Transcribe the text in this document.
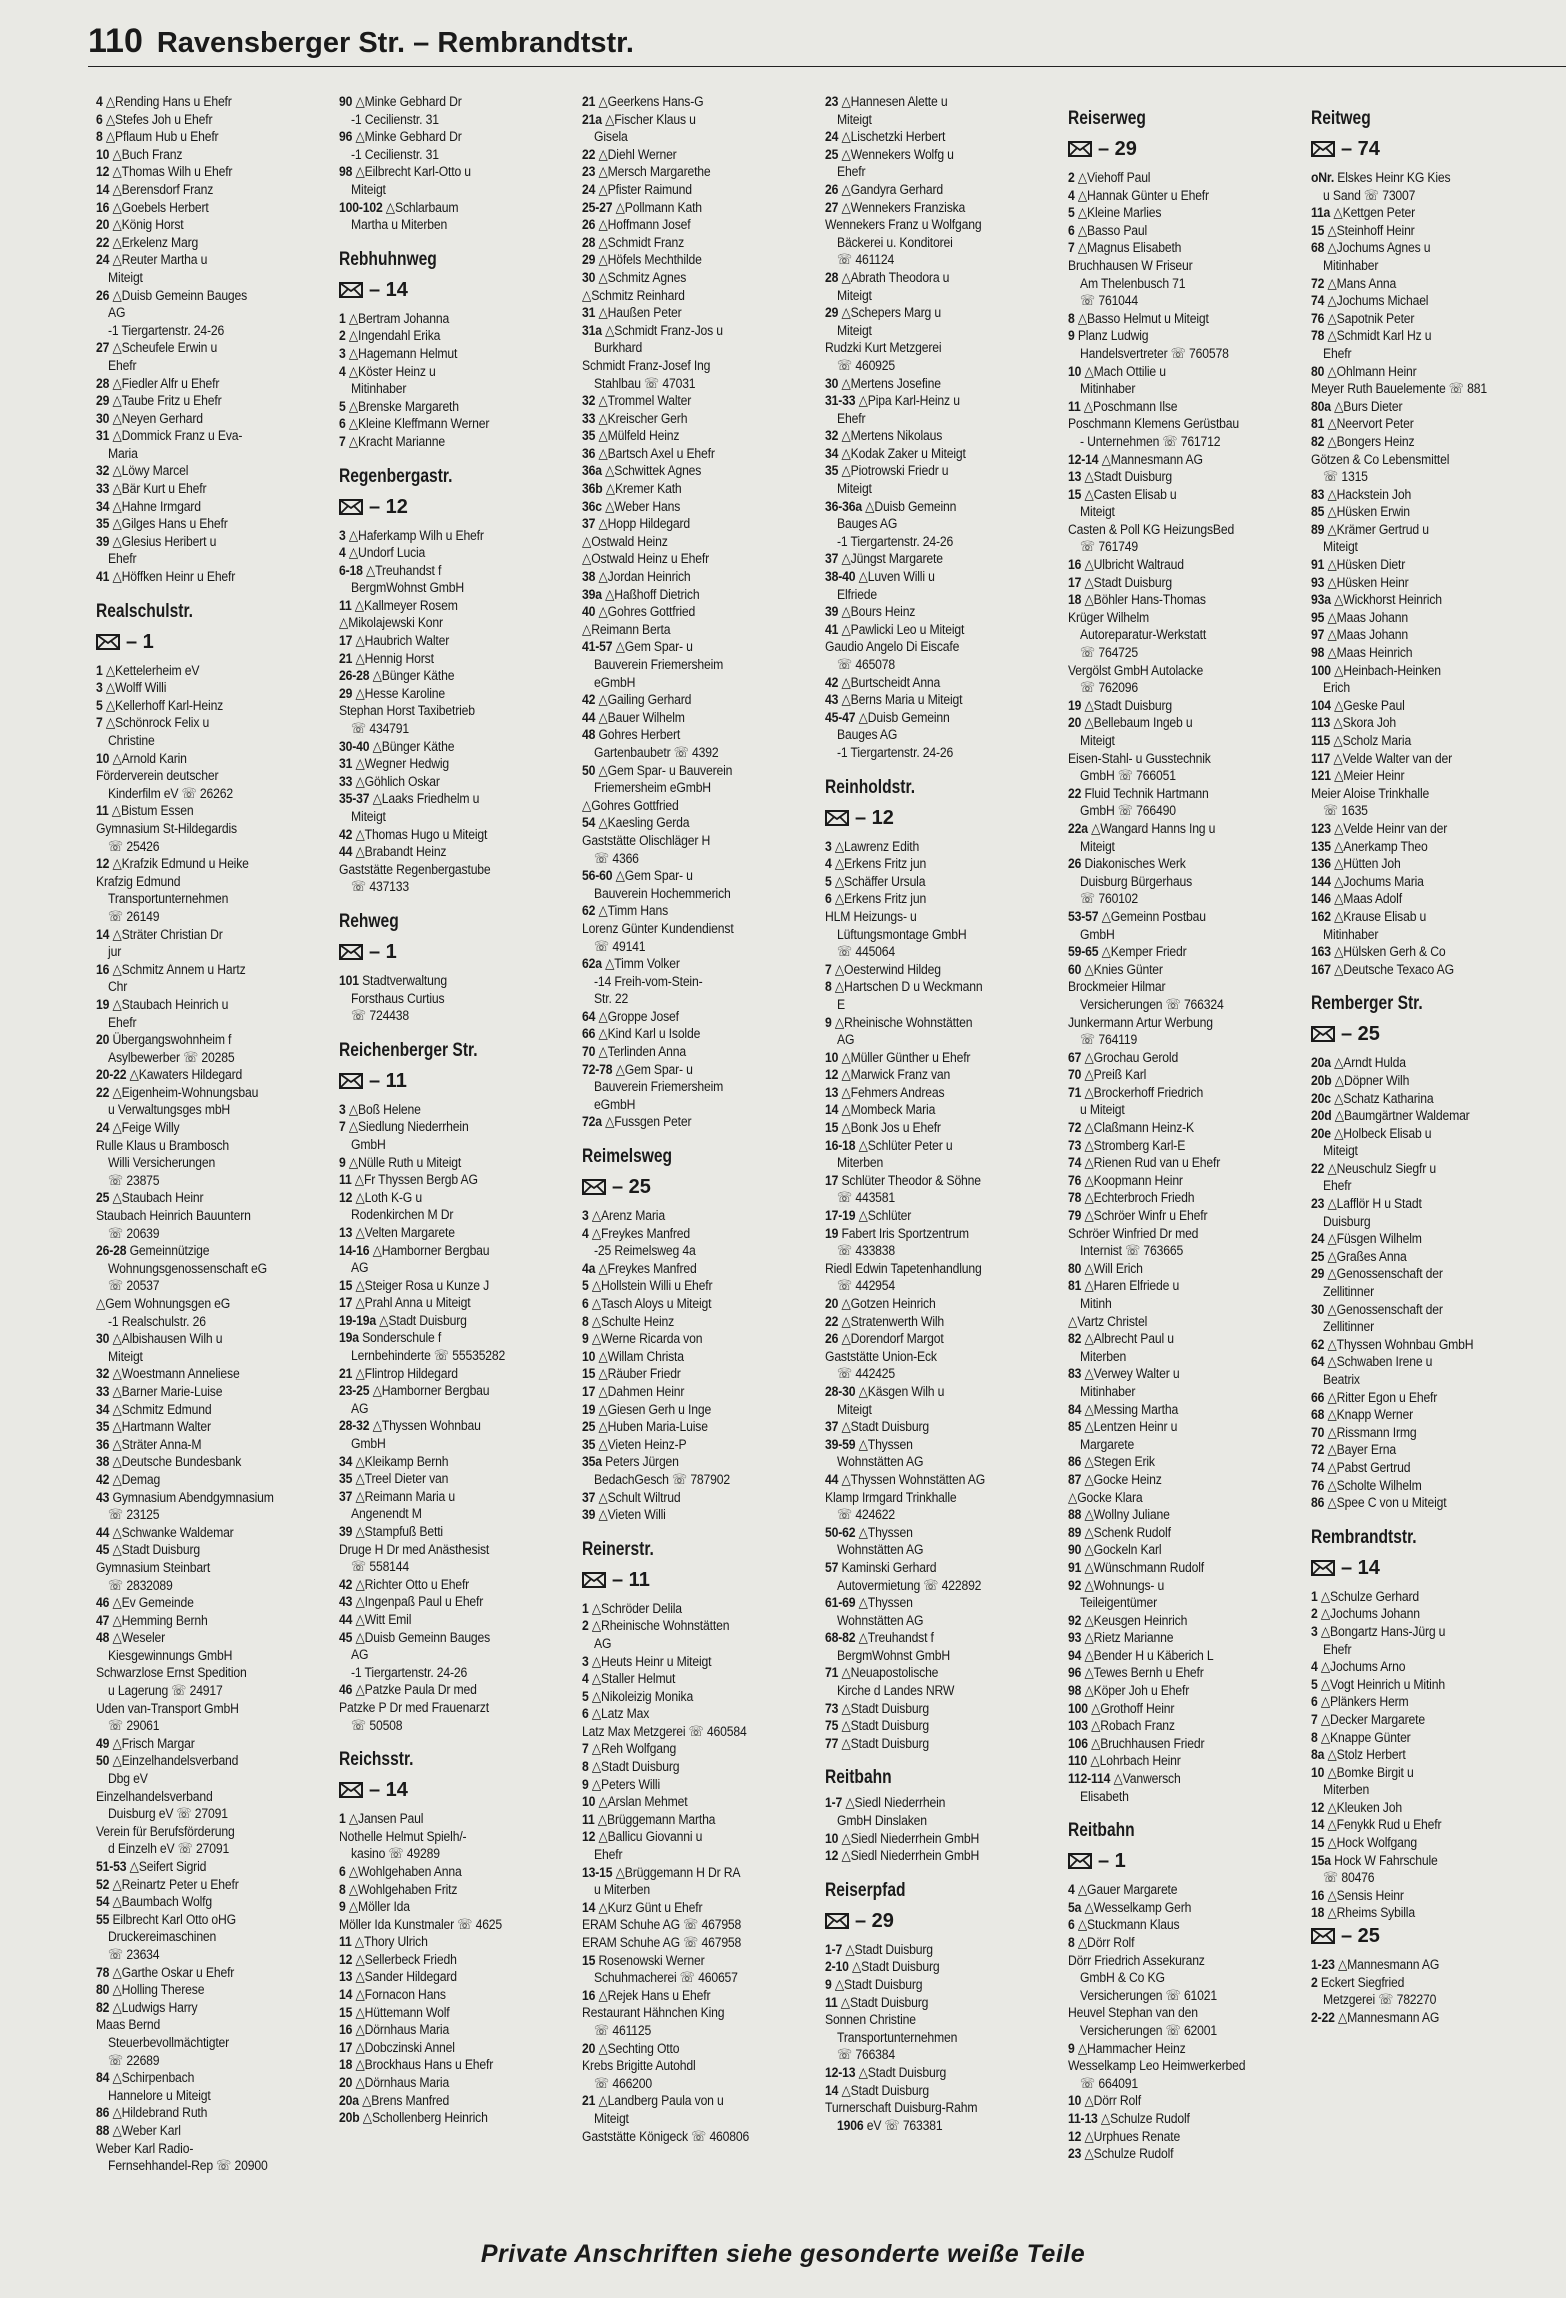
110 Ravensberger Str. – Rembrandtstr.
4 △Rending Hans u Ehefr
6 △Stefes Joh u Ehefr
8 △Pflaum Hub u Ehefr
10 △Buch Franz
12 △Thomas Wilh u Ehefr
14 △Berensdorf Franz
16 △Goebels Herbert
20 △König Horst
22 △Erkelenz Marg
24 △Reuter Martha u
Miteigt
26 △Duisb Gemeinn Bauges
AG
-1 Tiergartenstr. 24-26
27 △Scheufele Erwin u
Ehefr
28 △Fiedler Alfr u Ehefr
29 △Taube Fritz u Ehefr
30 △Neyen Gerhard
31 △Dommick Franz u Eva-
Maria
32 △Löwy Marcel
33 △Bär Kurt u Ehefr
34 △Hahne Irmgard
35 △Gilges Hans u Ehefr
39 △Glesius Heribert u
Ehefr
41 △Höffken Heinr u Ehefr
Realschulstr.
– 1
1 △Kettelerheim eV
3 △Wolff Willi
5 △Kellerhoff Karl-Heinz
7 △Schönrock Felix u
Christine
10 △Arnold Karin
Förderverein deutscher
Kinderfilm eV ☏ 26262
11 △Bistum Essen
Gymnasium St-Hildegardis
☏ 25426
12 △Krafzik Edmund u Heike
Krafzig Edmund
Transportunternehmen
☏ 26149
14 △Sträter Christian Dr
jur
16 △Schmitz Annem u Hartz
Chr
19 △Staubach Heinrich u
Ehefr
20 Übergangswohnheim f
Asylbewerber ☏ 20285
20-22 △Kawaters Hildegard
22 △Eigenheim-Wohnungsbau
u Verwaltungsges mbH
24 △Feige Willy
Rulle Klaus u Brambosch
Willi Versicherungen
☏ 23875
25 △Staubach Heinr
Staubach Heinrich Bauuntern
☏ 20639
26-28 Gemeinnützige
Wohnungsgenossenschaft eG
☏ 20537
△Gem Wohnungsgen eG
-1 Realschulstr. 26
30 △Albishausen Wilh u
Miteigt
32 △Woestmann Anneliese
33 △Barner Marie-Luise
34 △Schmitz Edmund
35 △Hartmann Walter
36 △Sträter Anna-M
38 △Deutsche Bundesbank
42 △Demag
43 Gymnasium Abendgymnasium
☏ 23125
44 △Schwanke Waldemar
45 △Stadt Duisburg
Gymnasium Steinbart
☏ 2832089
46 △Ev Gemeinde
47 △Hemming Bernh
48 △Weseler
Kiesgewinnungs GmbH
Schwarzlose Ernst Spedition
u Lagerung ☏ 24917
Uden van-Transport GmbH
☏ 29061
49 △Frisch Margar
50 △Einzelhandelsverband
Dbg eV
Einzelhandelsverband
Duisburg eV ☏ 27091
Verein für Berufsförderung
d Einzelh eV ☏ 27091
51-53 △Seifert Sigrid
52 △Reinartz Peter u Ehefr
54 △Baumbach Wolfg
55 Eilbrecht Karl Otto oHG
Druckereimaschinen
☏ 23634
78 △Garthe Oskar u Ehefr
80 △Holling Therese
82 △Ludwigs Harry
Maas Bernd
Steuerbevollmächtigter
☏ 22689
84 △Schirpenbach
Hannelore u Miteigt
86 △Hildebrand Ruth
88 △Weber Karl
Weber Karl Radio-
Fernsehhandel-Rep ☏ 20900
90 △Minke Gebhard Dr
-1 Cecilienstr. 31
96 △Minke Gebhard Dr
-1 Cecilienstr. 31
98 △Eilbrecht Karl-Otto u
Miteigt
100-102 △Schlarbaum
Martha u Miterben
Rebhuhnweg
– 14
1 △Bertram Johanna
2 △Ingendahl Erika
3 △Hagemann Helmut
4 △Köster Heinz u
Mitinhaber
5 △Brenske Margareth
6 △Kleine Kleffmann Werner
7 △Kracht Marianne
Regenbergastr.
– 12
3 △Haferkamp Wilh u Ehefr
4 △Undorf Lucia
6-18 △Treuhandst f
BergmWohnst GmbH
11 △Kallmeyer Rosem
△Mikolajewski Konr
17 △Haubrich Walter
21 △Hennig Horst
26-28 △Bünger Käthe
29 △Hesse Karoline
Stephan Horst Taxibetrieb
☏ 434791
30-40 △Bünger Käthe
31 △Wegner Hedwig
33 △Göhlich Oskar
35-37 △Laaks Friedhelm u
Miteigt
42 △Thomas Hugo u Miteigt
44 △Brabandt Heinz
Gaststätte Regenbergastube
☏ 437133
Rehweg
– 1
101 Stadtverwaltung
Forsthaus Curtius
☏ 724438
Reichenberger Str.
– 11
3 △Boß Helene
7 △Siedlung Niederrhein
GmbH
9 △Nülle Ruth u Miteigt
11 △Fr Thyssen Bergb AG
12 △Loth K-G u
Rodenkirchen M Dr
13 △Velten Margarete
14-16 △Hamborner Bergbau
AG
15 △Steiger Rosa u Kunze J
17 △Prahl Anna u Miteigt
19-19a △Stadt Duisburg
19a Sonderschule f
Lernbehinderte ☏ 55535282
21 △Flintrop Hildegard
23-25 △Hamborner Bergbau
AG
28-32 △Thyssen Wohnbau
GmbH
34 △Kleikamp Bernh
35 △Treel Dieter van
37 △Reimann Maria u
Angenendt M
39 △Stampfuß Betti
Druge H Dr med Anästhesist
☏ 558144
42 △Richter Otto u Ehefr
43 △Ingenpaß Paul u Ehefr
44 △Witt Emil
45 △Duisb Gemeinn Bauges
AG
-1 Tiergartenstr. 24-26
46 △Patzke Paula Dr med
Patzke P Dr med Frauenarzt
☏ 50508
Reichsstr.
– 14
1 △Jansen Paul
Nothelle Helmut Spielh/-
kasino ☏ 49289
6 △Wohlgehaben Anna
8 △Wohlgehaben Fritz
9 △Möller Ida
Möller Ida Kunstmaler ☏ 4625
11 △Thory Ulrich
12 △Sellerbeck Friedh
13 △Sander Hildegard
14 △Fornacon Hans
15 △Hüttemann Wolf
16 △Dörnhaus Maria
17 △Dobczinski Annel
18 △Brockhaus Hans u Ehefr
20 △Dörnhaus Maria
20a △Brens Manfred
20b △Schollenberg Heinrich
21 △Geerkens Hans-G
21a △Fischer Klaus u
Gisela
22 △Diehl Werner
23 △Mersch Margarethe
24 △Pfister Raimund
25-27 △Pollmann Kath
26 △Hoffmann Josef
28 △Schmidt Franz
29 △Höfels Mechthilde
30 △Schmitz Agnes
△Schmitz Reinhard
31 △Haußen Peter
31a △Schmidt Franz-Jos u
Burkhard
Schmidt Franz-Josef Ing
Stahlbau ☏ 47031
32 △Trommel Walter
33 △Kreischer Gerh
35 △Mülfeld Heinz
36 △Bartsch Axel u Ehefr
36a △Schwittek Agnes
36b △Kremer Kath
36c △Weber Hans
37 △Hopp Hildegard
△Ostwald Heinz
△Ostwald Heinz u Ehefr
38 △Jordan Heinrich
39a △Haßhoff Dietrich
40 △Gohres Gottfried
△Reimann Berta
41-57 △Gem Spar- u
Bauverein Friemersheim
eGmbH
42 △Gailing Gerhard
44 △Bauer Wilhelm
48 Gohres Herbert
Gartenbaubetr ☏ 4392
50 △Gem Spar- u Bauverein
Friemersheim eGmbH
△Gohres Gottfried
54 △Kaesling Gerda
Gaststätte Olischläger H
☏ 4366
56-60 △Gem Spar- u
Bauverein Hochemmerich
62 △Timm Hans
Lorenz Günter Kundendienst
☏ 49141
62a △Timm Volker
-14 Freih-vom-Stein-
Str. 22
64 △Groppe Josef
66 △Kind Karl u Isolde
70 △Terlinden Anna
72-78 △Gem Spar- u
Bauverein Friemersheim
eGmbH
72a △Fussgen Peter
Reimelsweg
– 25
3 △Arenz Maria
4 △Freykes Manfred
-25 Reimelsweg 4a
4a △Freykes Manfred
5 △Hollstein Willi u Ehefr
6 △Tasch Aloys u Miteigt
8 △Schulte Heinz
9 △Werne Ricarda von
10 △Willam Christa
15 △Räuber Friedr
17 △Dahmen Heinr
19 △Giesen Gerh u Inge
25 △Huben Maria-Luise
35 △Vieten Heinz-P
35a Peters Jürgen
BedachGesch ☏ 787902
37 △Schult Wiltrud
39 △Vieten Willi
Reinerstr.
– 11
1 △Schröder Delila
2 △Rheinische Wohnstätten
AG
3 △Heuts Heinr u Miteigt
4 △Staller Helmut
5 △Nikoleizig Monika
6 △Latz Max
Latz Max Metzgerei ☏ 460584
7 △Reh Wolfgang
8 △Stadt Duisburg
9 △Peters Willi
10 △Arslan Mehmet
11 △Brüggemann Martha
12 △Ballicu Giovanni u
Ehefr
13-15 △Brüggemann H Dr RA
u Miterben
14 △Kurz Günt u Ehefr
ERAM Schuhe AG ☏ 467958
ERAM Schuhe AG ☏ 467958
15 Rosenowski Werner
Schuhmacherei ☏ 460657
16 △Rejek Hans u Ehefr
Restaurant Hähnchen King
☏ 461125
20 △Sechting Otto
Krebs Brigitte Autohdl
☏ 466200
21 △Landberg Paula von u
Miteigt
Gaststätte Königeck ☏ 460806
23 △Hannesen Alette u
Miteigt
24 △Lischetzki Herbert
25 △Wennekers Wolfg u
Ehefr
26 △Gandyra Gerhard
27 △Wennekers Franziska
Wennekers Franz u Wolfgang
Bäckerei u. Konditorei
☏ 461124
28 △Abrath Theodora u
Miteigt
29 △Schepers Marg u
Miteigt
Rudzki Kurt Metzgerei
☏ 460925
30 △Mertens Josefine
31-33 △Pipa Karl-Heinz u
Ehefr
32 △Mertens Nikolaus
34 △Kodak Zaker u Miteigt
35 △Piotrowski Friedr u
Miteigt
36-36a △Duisb Gemeinn
Bauges AG
-1 Tiergartenstr. 24-26
37 △Jüngst Margarete
38-40 △Luven Willi u
Elfriede
39 △Bours Heinz
41 △Pawlicki Leo u Miteigt
Gaudio Angelo Di Eiscafe
☏ 465078
42 △Burtscheidt Anna
43 △Berns Maria u Miteigt
45-47 △Duisb Gemeinn
Bauges AG
-1 Tiergartenstr. 24-26
Reinholdstr.
– 12
3 △Lawrenz Edith
4 △Erkens Fritz jun
5 △Schäffer Ursula
6 △Erkens Fritz jun
HLM Heizungs- u
Lüftungsmontage GmbH
☏ 445064
7 △Oesterwind Hildeg
8 △Hartschen D u Weckmann
E
9 △Rheinische Wohnstätten
AG
10 △Müller Günther u Ehefr
12 △Marwick Franz van
13 △Fehmers Andreas
14 △Mombeck Maria
15 △Bonk Jos u Ehefr
16-18 △Schlüter Peter u
Miterben
17 Schlüter Theodor & Söhne
☏ 443581
17-19 △Schlüter
19 Fabert Iris Sportzentrum
☏ 433838
Riedl Edwin Tapetenhandlung
☏ 442954
20 △Gotzen Heinrich
22 △Stratenwerth Wilh
26 △Dorendorf Margot
Gaststätte Union-Eck
☏ 442425
28-30 △Käsgen Wilh u
Miteigt
37 △Stadt Duisburg
39-59 △Thyssen
Wohnstätten AG
44 △Thyssen Wohnstätten AG
Klamp Irmgard Trinkhalle
☏ 424622
50-62 △Thyssen
Wohnstätten AG
57 Kaminski Gerhard
Autovermietung ☏ 422892
61-69 △Thyssen
Wohnstätten AG
68-82 △Treuhandst f
BergmWohnst GmbH
71 △Neuapostolische
Kirche d Landes NRW
73 △Stadt Duisburg
75 △Stadt Duisburg
77 △Stadt Duisburg
Reitbahn
1-7 △Siedl Niederrhein
GmbH Dinslaken
10 △Siedl Niederrhein GmbH
12 △Siedl Niederrhein GmbH
Reiserpfad
– 29
1-7 △Stadt Duisburg
2-10 △Stadt Duisburg
9 △Stadt Duisburg
11 △Stadt Duisburg
Sonnen Christine
Transportunternehmen
☏ 766384
12-13 △Stadt Duisburg
14 △Stadt Duisburg
Turnerschaft Duisburg-Rahm
1906 eV ☏ 763381
Reiserweg
– 29
2 △Viehoff Paul
4 △Hannak Günter u Ehefr
5 △Kleine Marlies
6 △Basso Paul
7 △Magnus Elisabeth
Bruchhausen W Friseur
Am Thelenbusch 71
☏ 761044
8 △Basso Helmut u Miteigt
9 Planz Ludwig
Handelsvertreter ☏ 760578
10 △Mach Ottilie u
Mitinhaber
11 △Poschmann Ilse
Poschmann Klemens Gerüstbau
- Unternehmen ☏ 761712
12-14 △Mannesmann AG
13 △Stadt Duisburg
15 △Casten Elisab u
Miteigt
Casten & Poll KG HeizungsBed
☏ 761749
16 △Ulbricht Waltraud
17 △Stadt Duisburg
18 △Böhler Hans-Thomas
Krüger Wilhelm
Autoreparatur-Werkstatt
☏ 764725
Vergölst GmbH Autolacke
☏ 762096
19 △Stadt Duisburg
20 △Bellebaum Ingeb u
Miteigt
Eisen-Stahl- u Gusstechnik
GmbH ☏ 766051
22 Fluid Technik Hartmann
GmbH ☏ 766490
22a △Wangard Hanns Ing u
Miteigt
26 Diakonisches Werk
Duisburg Bürgerhaus
☏ 760102
53-57 △Gemeinn Postbau
GmbH
59-65 △Kemper Friedr
60 △Knies Günter
Brockmeier Hilmar
Versicherungen ☏ 766324
Junkermann Artur Werbung
☏ 764119
67 △Grochau Gerold
70 △Preiß Karl
71 △Brockerhoff Friedrich
u Miteigt
72 △Claßmann Heinz-K
73 △Stromberg Karl-E
74 △Rienen Rud van u Ehefr
76 △Koopmann Heinr
78 △Echterbroch Friedh
79 △Schröer Winfr u Ehefr
Schröer Winfried Dr med
Internist ☏ 763665
80 △Will Erich
81 △Haren Elfriede u
Mitinh
△Vartz Christel
82 △Albrecht Paul u
Miterben
83 △Verwey Walter u
Mitinhaber
84 △Messing Martha
85 △Lentzen Heinr u
Margarete
86 △Stegen Erik
87 △Gocke Heinz
△Gocke Klara
88 △Wollny Juliane
89 △Schenk Rudolf
90 △Gockeln Karl
91 △Wünschmann Rudolf
92 △Wohnungs- u
Teileigentümer
92 △Keusgen Heinrich
93 △Rietz Marianne
94 △Bender H u Käberich L
96 △Tewes Bernh u Ehefr
98 △Köper Joh u Ehefr
100 △Grothoff Heinr
103 △Robach Franz
106 △Bruchhausen Friedr
110 △Lohrbach Heinr
112-114 △Vanwersch
Elisabeth
Reitbahn
– 1
4 △Gauer Margarete
5a △Wesselkamp Gerh
6 △Stuckmann Klaus
8 △Dörr Rolf
Dörr Friedrich Assekuranz
GmbH & Co KG
Versicherungen ☏ 61021
Heuvel Stephan van den
Versicherungen ☏ 62001
9 △Hammacher Heinz
Wesselkamp Leo Heimwerkerbed
☏ 664091
10 △Dörr Rolf
11-13 △Schulze Rudolf
12 △Urphues Renate
23 △Schulze Rudolf
Reitweg
– 74
oNr. Elskes Heinr KG Kies
u Sand ☏ 73007
11a △Kettgen Peter
15 △Steinhoff Heinr
68 △Jochums Agnes u
Mitinhaber
72 △Mans Anna
74 △Jochums Michael
76 △Sapotnik Peter
78 △Schmidt Karl Hz u
Ehefr
80 △Ohlmann Heinr
Meyer Ruth Bauelemente ☏ 881
80a △Burs Dieter
81 △Neervort Peter
82 △Bongers Heinz
Götzen & Co Lebensmittel
☏ 1315
83 △Hackstein Joh
85 △Hüsken Erwin
89 △Krämer Gertrud u
Miteigt
91 △Hüsken Dietr
93 △Hüsken Heinr
93a △Wickhorst Heinrich
95 △Maas Johann
97 △Maas Johann
98 △Maas Heinrich
100 △Heinbach-Heinken
Erich
104 △Geske Paul
113 △Skora Joh
115 △Scholz Maria
117 △Velde Walter van der
121 △Meier Heinr
Meier Aloise Trinkhalle
☏ 1635
123 △Velde Heinr van der
135 △Anerkamp Theo
136 △Hütten Joh
144 △Jochums Maria
146 △Maas Adolf
162 △Krause Elisab u
Mitinhaber
163 △Hülsken Gerh & Co
167 △Deutsche Texaco AG
Remberger Str.
– 25
20a △Arndt Hulda
20b △Döpner Wilh
20c △Schatz Katharina
20d △Baumgärtner Waldemar
20e △Holbeck Elisab u
Miteigt
22 △Neuschulz Siegfr u
Ehefr
23 △Lafflör H u Stadt
Duisburg
24 △Füsgen Wilhelm
25 △Graßes Anna
29 △Genossenschaft der
Zellitinner
30 △Genossenschaft der
Zellitinner
62 △Thyssen Wohnbau GmbH
64 △Schwaben Irene u
Beatrix
66 △Ritter Egon u Ehefr
68 △Knapp Werner
70 △Rissmann Irmg
72 △Bayer Erna
74 △Pabst Gertrud
76 △Scholte Wilhelm
86 △Spee C von u Miteigt
Rembrandtstr.
– 14
1 △Schulze Gerhard
2 △Jochums Johann
3 △Bongartz Hans-Jürg u
Ehefr
4 △Jochums Arno
5 △Vogt Heinrich u Mitinh
6 △Plänkers Herm
7 △Decker Margarete
8 △Knappe Günter
8a △Stolz Herbert
10 △Bomke Birgit u
Miterben
12 △Kleuken Joh
14 △Fenykk Rud u Ehefr
15 △Hock Wolfgang
15a Hock W Fahrschule
☏ 80476
16 △Sensis Heinr
18 △Rheims Sybilla
– 25
1-23 △Mannesmann AG
2 Eckert Siegfried
Metzgerei ☏ 782270
2-22 △Mannesmann AG
Private Anschriften siehe gesonderte weiße Teile
